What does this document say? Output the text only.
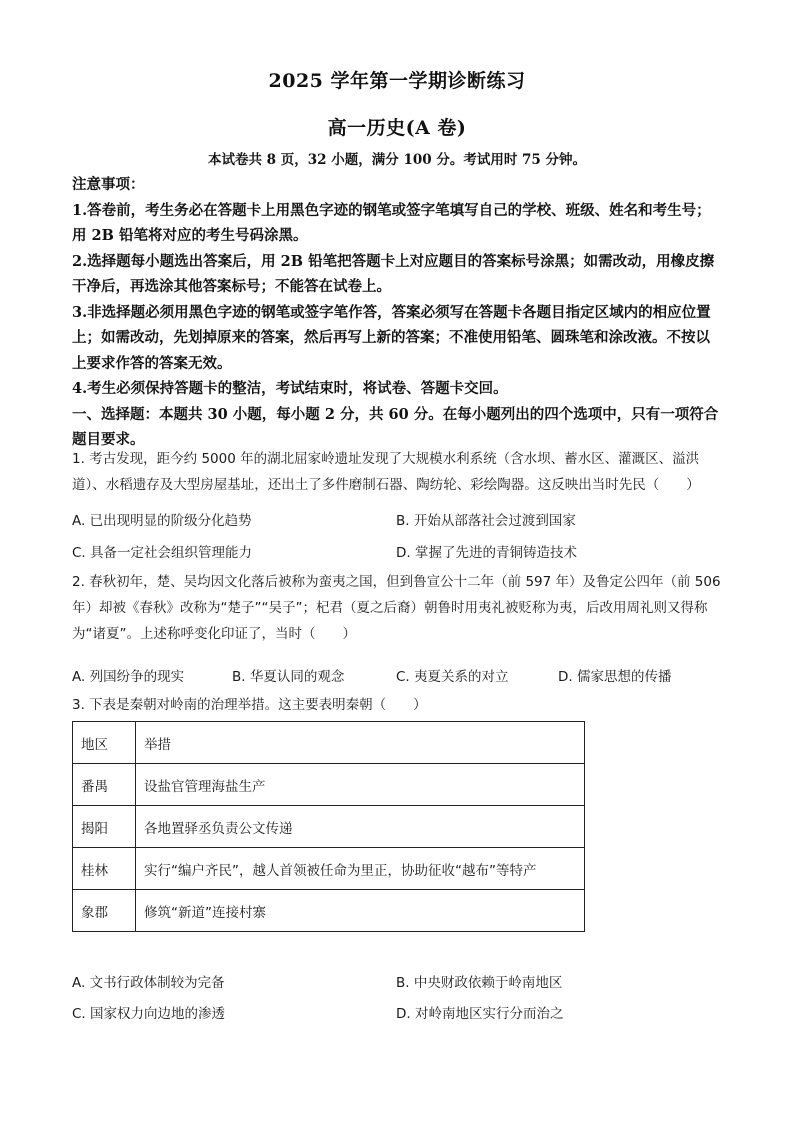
2025 学年第一学期诊断练习
高一历史(A 卷)
本试卷共 8 页，32 小题，满分 100 分。考试用时 75 分钟。

注意事项：

1.答卷前，考生务必在答题卡上用黑色字迹的钢笔或签字笔填写自己的学校、班级、姓名和考生号；用 2B 铅笔将对应的考生号码涂黑。

2.选择题每小题选出答案后，用 2B 铅笔把答题卡上对应题目的答案标号涂黑；如需改动，用橡皮擦干净后，再选涂其他答案标号；不能答在试卷上。

3.非选择题必须用黑色字迹的钢笔或签字笔作答，答案必须写在答题卡各题目指定区域内的相应位置上；如需改动，先划掉原来的答案，然后再写上新的答案；不准使用铅笔、圆珠笔和涂改液。不按以上要求作答的答案无效。

4.考生必须保持答题卡的整洁，考试结束时，将试卷、答题卡交回。

一、选择题：本题共 30 小题，每小题 2 分，共 60 分。在每小题列出的四个选项中，只有一项符合题目要求。

1. 考古发现，距今约 5000 年的湖北屈家岭遗址发现了大规模水利系统（含水坝、蓄水区、灌溉区、溢洪道）、水稻遗存及大型房屋基址，还出土了多件磨制石器、陶纺轮、彩绘陶器。这反映出当时先民（　　）

A. 已出现明显的阶级分化趋势	B. 开始从部落社会过渡到国家
C. 具备一定社会组织管理能力	D. 掌握了先进的青铜铸造技术

2. 春秋初年，楚、吴均因文化落后被称为蛮夷之国，但到鲁宣公十二年（前 597 年）及鲁定公四年（前 506 年）却被《春秋》改称为“楚子”“吴子”；杞君（夏之后裔）朝鲁时用夷礼被贬称为夷，后改用周礼则又得称为“诸夏”。上述称呼变化印证了，当时（　　）

A. 列国纷争的现实	B. 华夏认同的观念	C. 夷夏关系的对立	D. 儒家思想的传播

3. 下表是秦朝对岭南的治理举措。这主要表明秦朝（　　）

地区	举措
番禺	设盐官管理海盐生产
揭阳	各地置驿丞负责公文传递
桂林	实行“编户齐民”，越人首领被任命为里正，协助征收“越布”等特产
象郡	修筑“新道”连接村寨
A. 文书行政体制较为完备	B. 中央财政依赖于岭南地区
C. 国家权力向边地的渗透	D. 对岭南地区实行分而治之
